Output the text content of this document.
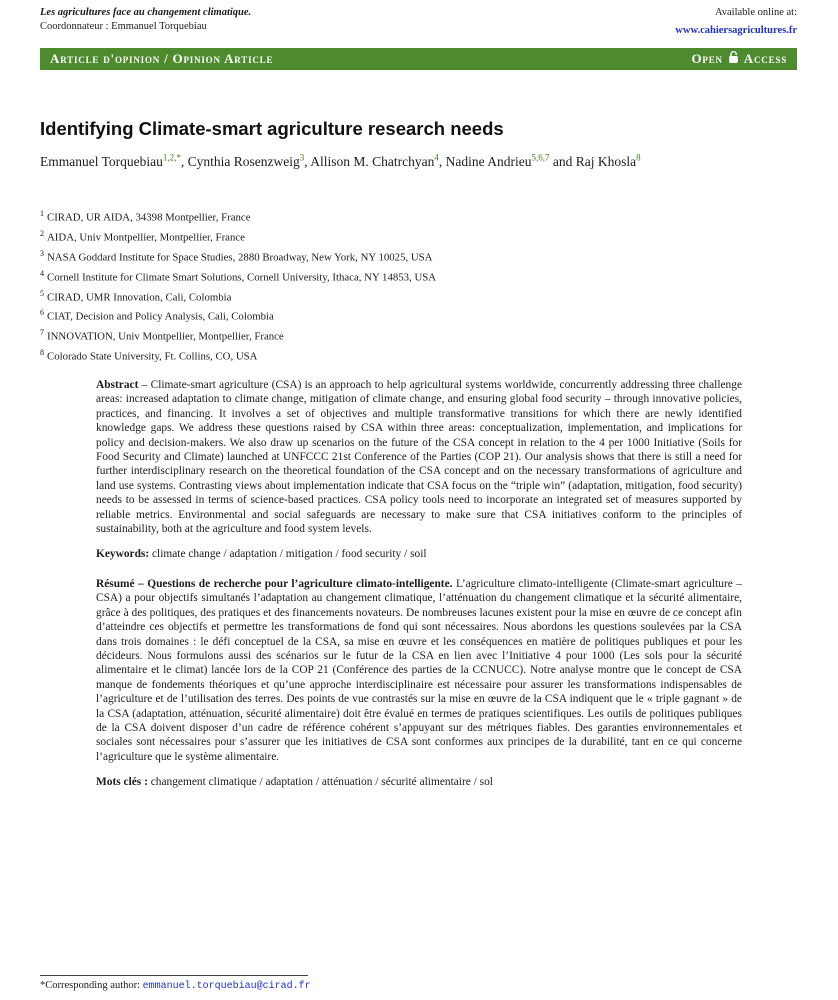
Les agricultures face au changement climatique.
Coordonnateur : Emmanuel Torquebiau
Available online at:
www.cahiersagricultures.fr
Article d'opinion / Opinion Article	Open Access
Identifying Climate-smart agriculture research needs
Emmanuel Torquebiau$^{1,2,*}$, Cynthia Rosenzweig$^3$, Allison M. Chatrchyan$^4$, Nadine Andrieu$^{5,6,7}$ and Raj Khosla$^8$
$^1$ CIRAD, UR AIDA, 34398 Montpellier, France
$^2$ AIDA, Univ Montpellier, Montpellier, France
$^3$ NASA Goddard Institute for Space Studies, 2880 Broadway, New York, NY 10025, USA
$^4$ Cornell Institute for Climate Smart Solutions, Cornell University, Ithaca, NY 14853, USA
$^5$ CIRAD, UMR Innovation, Cali, Colombia
$^6$ CIAT, Decision and Policy Analysis, Cali, Colombia
$^7$ INNOVATION, Univ Montpellier, Montpellier, France
$^8$ Colorado State University, Ft. Collins, CO, USA

Abstract – Climate-smart agriculture (CSA) is an approach to help agricultural systems worldwide, concurrently addressing three challenge areas: increased adaptation to climate change, mitigation of climate change, and ensuring global food security – through innovative policies, practices, and financing. It involves a set of objectives and multiple transformative transitions for which there are newly identified knowledge gaps. We address these questions raised by CSA within three areas: conceptualization, implementation, and implications for policy and decision-makers. We also draw up scenarios on the future of the CSA concept in relation to the 4 per 1000 Initiative (Soils for Food Security and Climate) launched at UNFCCC 21st Conference of the Parties (COP 21). Our analysis shows that there is still a need for further interdisciplinary research on the theoretical foundation of the CSA concept and on the necessary transformations of agriculture and land use systems. Contrasting views about implementation indicate that CSA focus on the “triple win” (adaptation, mitigation, food security) needs to be assessed in terms of science-based practices. CSA policy tools need to incorporate an integrated set of measures supported by reliable metrics. Environmental and social safeguards are necessary to make sure that CSA initiatives conform to the principles of sustainability, both at the agriculture and food system levels.

Keywords: climate change / adaptation / mitigation / food security / soil

Résumé – Questions de recherche pour l’agriculture climato-intelligente. L’agriculture climato-intelligente (Climate-smart agriculture – CSA) a pour objectifs simultanés l’adaptation au changement climatique, l’atténuation du changement climatique et la sécurité alimentaire, grâce à des politiques, des pratiques et des financements novateurs. De nombreuses lacunes existent pour la mise en œuvre de ce concept afin d’atteindre ces objectifs et permettre les transformations de fond qui sont nécessaires. Nous abordons les questions soulevées par la CSA dans trois domaines : le défi conceptuel de la CSA, sa mise en œuvre et les conséquences en matière de politiques publiques et pour les décideurs. Nous formulons aussi des scénarios sur le futur de la CSA en lien avec l’Initiative 4 pour 1000 (Les sols pour la sécurité alimentaire et le climat) lancée lors de la COP 21 (Conférence des parties de la CCNUCC). Notre analyse montre que le concept de CSA manque de fondements théoriques et qu’une approche interdisciplinaire est nécessaire pour assurer les transformations indispensables de l’agriculture et de l’utilisation des terres. Des points de vue contrastés sur la mise en œuvre de la CSA indiquent que le « triple gagnant » de la CSA (adaptation, atténuation, sécurité alimentaire) doit être évalué en termes de pratiques scientifiques. Les outils de politiques publiques de la CSA doivent disposer d’un cadre de référence cohérent s’appuyant sur des métriques fiables. Des garanties environnementales et sociales sont nécessaires pour s’assurer que les initiatives de CSA sont conformes aux principes de la durabilité, tant en ce qui concerne l’agriculture que le système alimentaire.

Mots clés : changement climatique / adaptation / atténuation / sécurité alimentaire / sol

*Corresponding author: emmanuel.torquebiau@cirad.fr
